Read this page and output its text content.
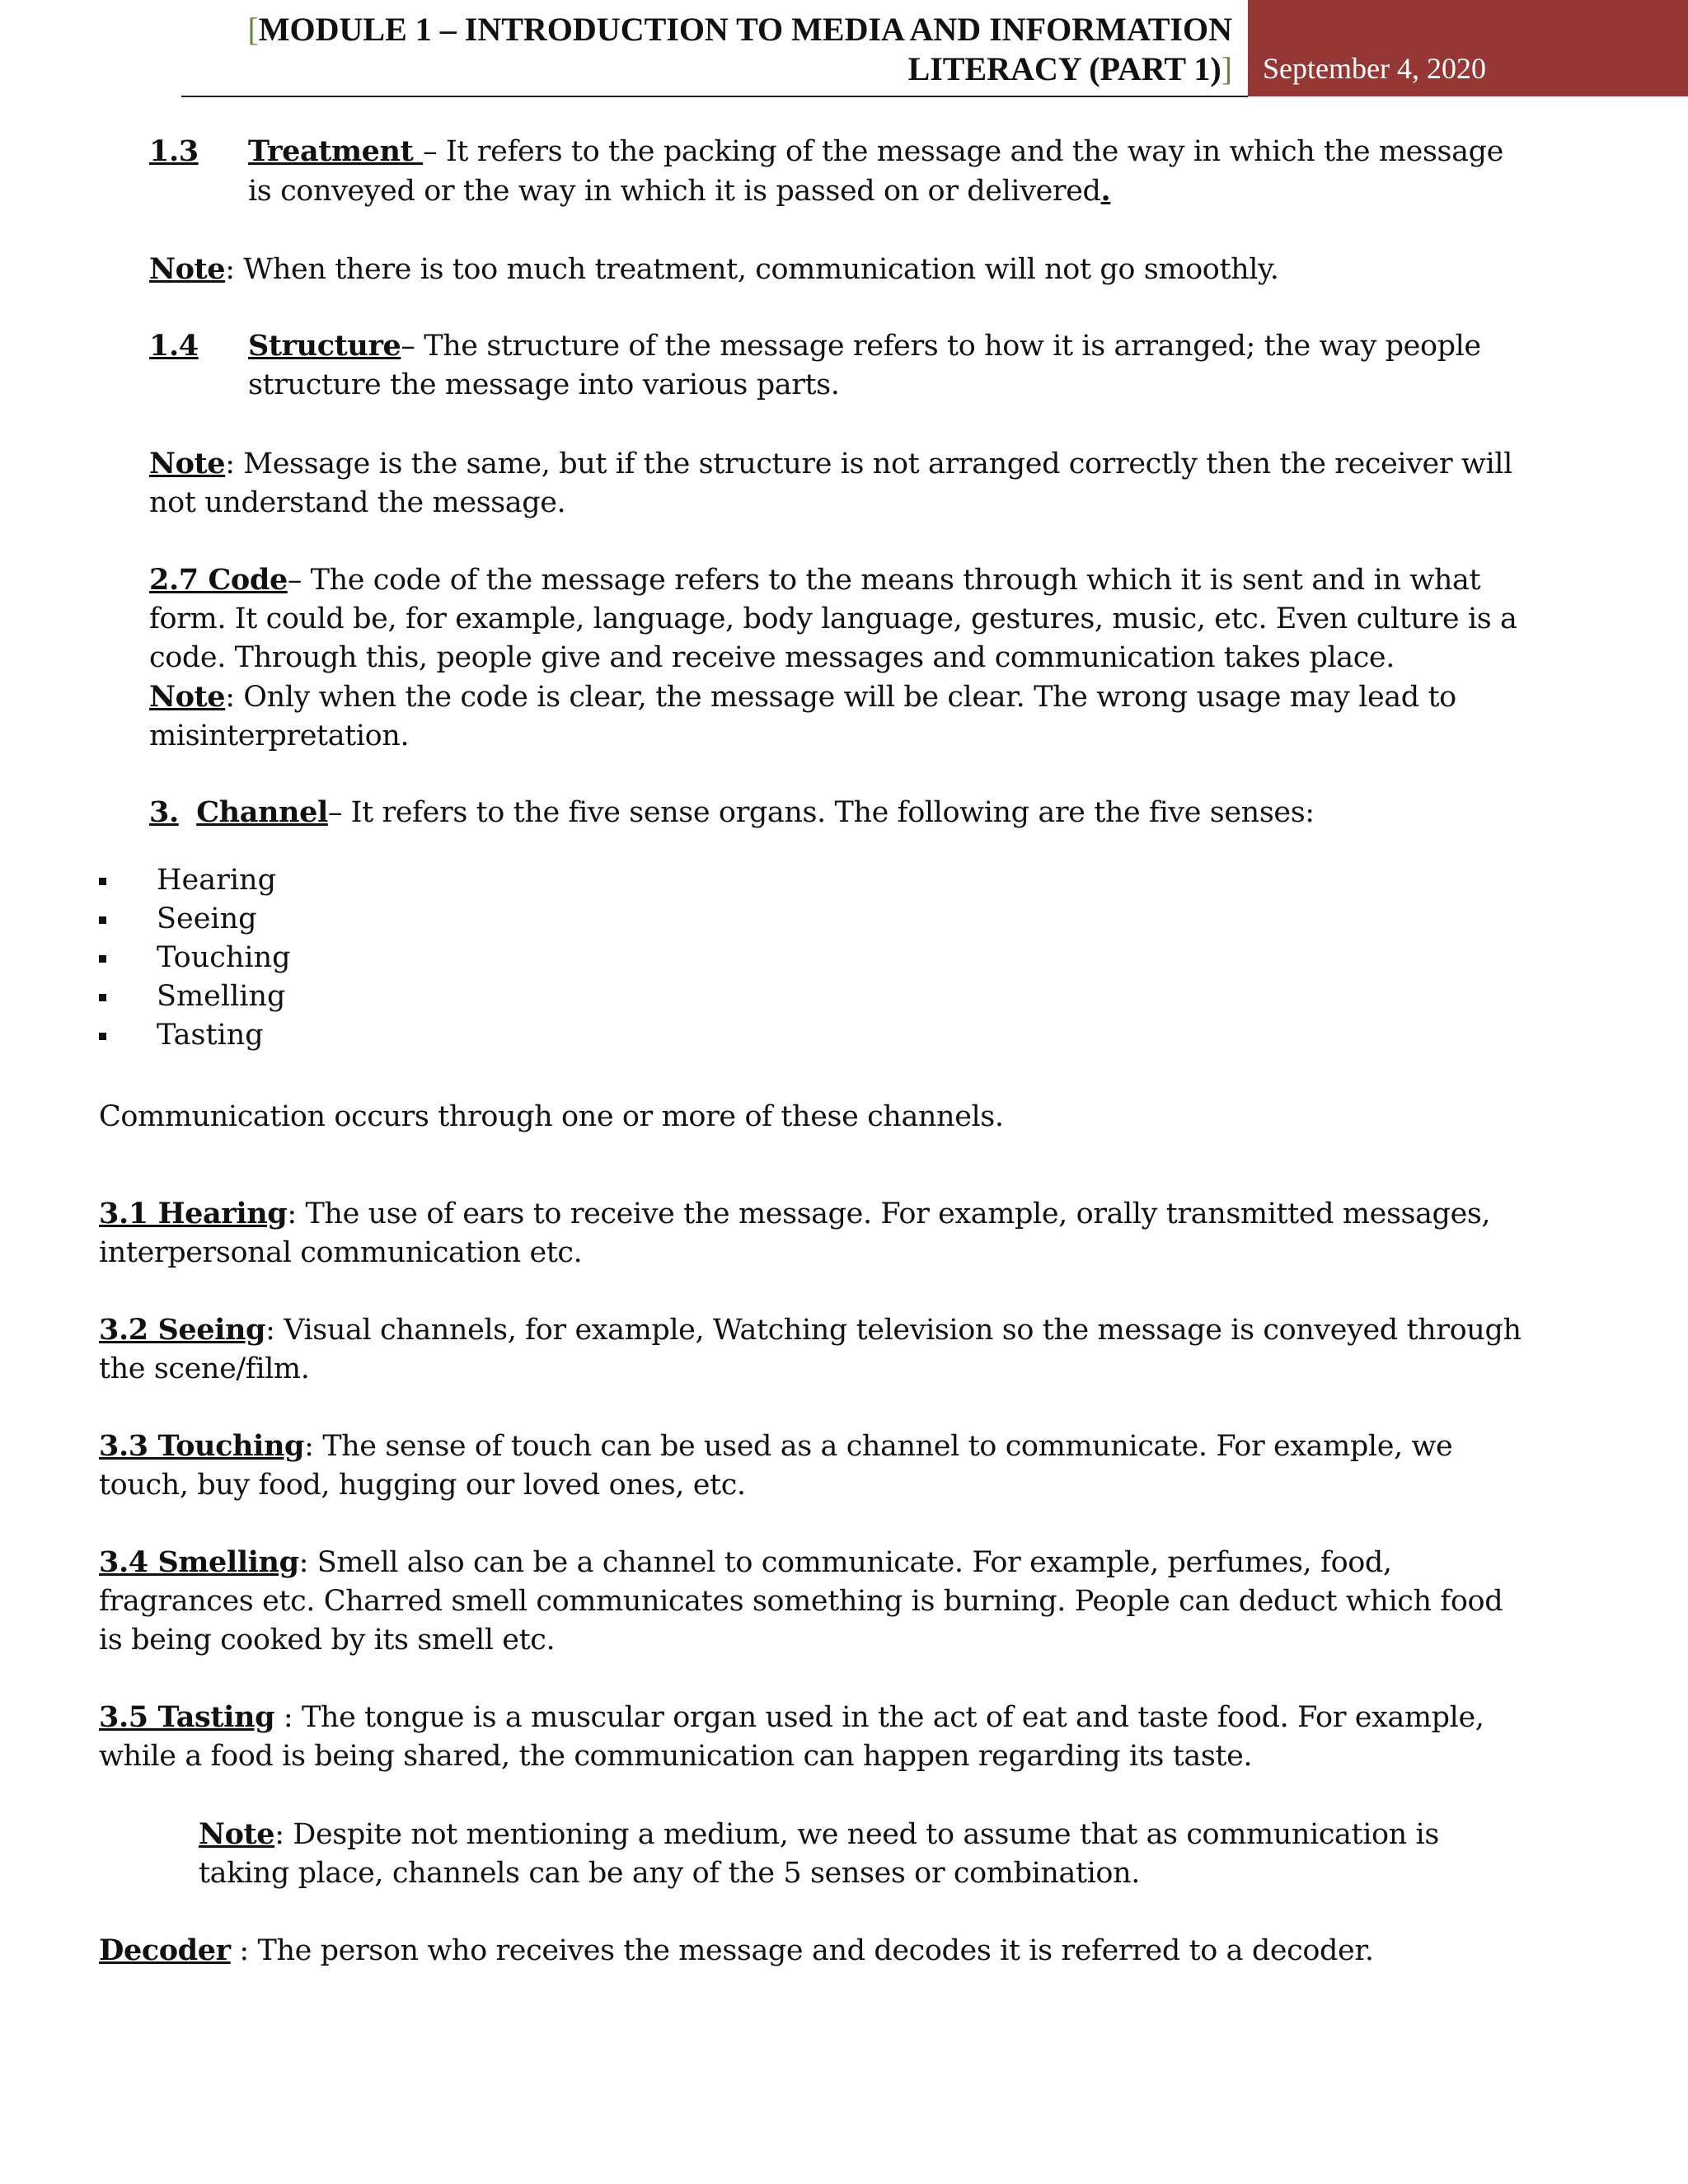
[MODULE 1 – INTRODUCTION TO MEDIA AND INFORMATION
LITERACY (PART 1)]	September 4, 2020
1.3	Treatment – It refers to the packing of the message and the way in which the message
is conveyed or the way in which it is passed on or delivered.
Note: When there is too much treatment, communication will not go smoothly.
1.4	Structure– The structure of the message refers to how it is arranged; the way people
structure the message into various parts.
Note: Message is the same, but if the structure is not arranged correctly then the receiver will
not understand the message.
2.7 Code– The code of the message refers to the means through which it is sent and in what
form. It could be, for example, language, body language, gestures, music, etc. Even culture is a
code. Through this, people give and receive messages and communication takes place.
Note: Only when the code is clear, the message will be clear. The wrong usage may lead to
misinterpretation.
3. Channel– It refers to the five sense organs. The following are the five senses:
Hearing
Seeing
Touching
Smelling
Tasting
Communication occurs through one or more of these channels.
3.1 Hearing: The use of ears to receive the message. For example, orally transmitted messages,
interpersonal communication etc.
3.2 Seeing: Visual channels, for example, Watching television so the message is conveyed through
the scene/film.
3.3 Touching: The sense of touch can be used as a channel to communicate. For example, we
touch, buy food, hugging our loved ones, etc.
3.4 Smelling: Smell also can be a channel to communicate. For example, perfumes, food,
fragrances etc. Charred smell communicates something is burning. People can deduct which food
is being cooked by its smell etc.
3.5 Tasting : The tongue is a muscular organ used in the act of eat and taste food. For example,
while a food is being shared, the communication can happen regarding its taste.
Note: Despite not mentioning a medium, we need to assume that as communication is
taking place, channels can be any of the 5 senses or combination.
Decoder : The person who receives the message and decodes it is referred to a decoder.
